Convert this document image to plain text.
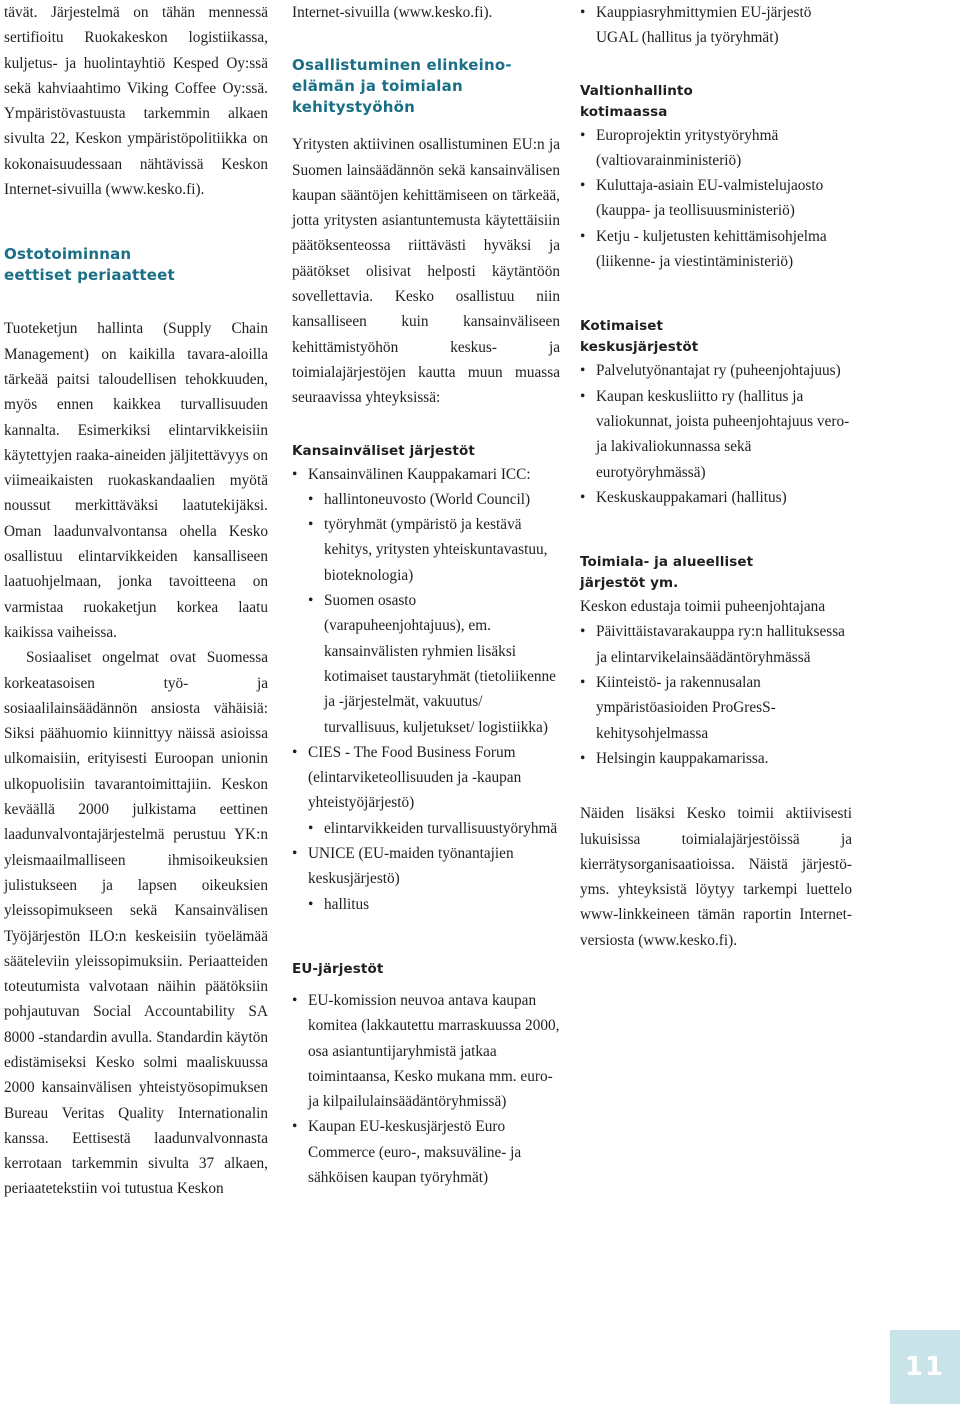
tävät. Järjestelmä on tähän mennessä sertifioitu Ruokakeskon logistiikassa, kuljetus- ja huolintayhtiö Kesped Oy:ssä sekä kahviaahtimo Viking Coffee Oy:ssä. Ympäristövastuusta tarkemmin alkaen sivulta 22, Keskon ympäristöpolitiikka on kokonaisuudessaan nähtävissä Keskon Internet-sivuilla (www.kesko.fi).

Ostotoiminnan
eettiset periaatteet

Tuoteketjun hallinta (Supply Chain Management) on kaikilla tavara-aloilla tärkeää paitsi taloudellisen tehokkuuden, myös ennen kaikkea turvallisuuden kannalta. Esimerkiksi elintarvikkeisiin käytettyjen raaka-aineiden jäljitettävyys on viimeaikaisten ruokaskandaalien myötä noussut merkittäväksi laatutekijäksi. Oman laadunvalvontansa ohella Kesko osallistuu elintarvikkeiden kansalliseen laatuohjelmaan, jonka tavoitteena on varmistaa ruokaketjun korkea laatu kaikissa vaiheissa.

Sosiaaliset ongelmat ovat Suomessa korkeatasoisen työ- ja sosiaalilainsäädännön ansiosta vähäisiä: Siksi päähuomio kiinnittyy näissä asioissa ulkomaisiin, erityisesti Euroopan unionin ulkopuolisiin tavarantoimittajiin. Keskon keväällä 2000 julkistama eettinen laadunvalvontajärjestelmä perustuu YK:n yleismaailmalliseen ihmisoikeuksien julistukseen ja lapsen oikeuksien yleissopimukseen sekä Kansainvälisen Työjärjestön ILO:n keskeisiin työelämää sääteleviin yleissopimuksiin. Periaatteiden toteutumista valvotaan näihin päätöksiin pohjautuvan Social Accountability SA 8000 -standardin avulla. Standardin käytön edistämiseksi Kesko solmi maaliskuussa 2000 kansainvälisen yhteistyösopimuksen Bureau Veritas Quality Internationalin kanssa. Eettisestä laadunvalvonnasta kerrotaan tarkemmin sivulta 37 alkaen, periaatetekstiin voi tutustua Keskon

Internet-sivuilla (www.kesko.fi).

Osallistuminen elinkeino-
elämän ja toimialan
kehitystyöhön

Yritysten aktiivinen osallistuminen EU:n ja Suomen lainsäädännön sekä kansainvälisen kaupan sääntöjen kehittämiseen on tärkeää, jotta yritysten asiantuntemusta käytettäisiin päätöksenteossa riittävästi hyväksi ja päätökset olisivat helposti käytäntöön sovellettavia. Kesko osallistuu niin kansalliseen kuin kansainväliseen kehittämistyöhön keskus- ja toimialajärjestöjen kautta muun muassa seuraavissa yhteyksissä:

Kansainväliset järjestöt
• Kansainvälinen Kauppakamari ICC:
• hallintoneuvosto (World Council)
• työryhmät (ympäristö ja kestävä kehitys, yritysten yhteiskuntavastuu, bioteknologia)
• Suomen osasto (varapuheenjohtajuus), em. kansainvälisten ryhmien lisäksi kotimaiset taustaryhmät (tietoliikenne ja -järjestelmät, vakuutus/ turvallisuus, kuljetukset/ logistiikka)
• CIES - The Food Business Forum (elintarviketeollisuuden ja -kaupan yhteistyöjärjestö)
• elintarvikkeiden turvallisuustyöryhmä
• UNICE (EU-maiden työnantajien keskusjärjestö)
• hallitus
EU-järjestöt
• EU-komission neuvoa antava kaupan komitea (lakkautettu marraskuussa 2000, osa asiantuntijaryhmistä jatkaa toimintaansa, Kesko mukana mm. euro- ja kilpailulainsäädäntöryhmissä)
• Kaupan EU-keskusjärjestö Euro Commerce (euro-, maksuväline- ja sähköisen kaupan työryhmät)
• Kauppiasryhmittymien EU-järjestö UGAL (hallitus ja työryhmät)
Valtionhallinto
kotimaassa
• Europrojektin yritystyöryhmä (valtiovarainministeriö)
• Kuluttaja-asiain EU-valmistelujaosto (kauppa- ja teollisuusministeriö)
• Ketju - kuljetusten kehittämisohjelma (liikenne- ja viestintäministeriö)
Kotimaiset
keskusjärjestöt
• Palvelutyönantajat ry (puheenjohtajuus)
• Kaupan keskusliitto ry (hallitus ja valiokunnat, joista puheenjohtajuus vero- ja lakivaliokunnassa sekä eurotyöryhmässä)
• Keskuskauppakamari (hallitus)
Toimiala- ja alueelliset
järjestöt ym.

Keskon edustaja toimii puheenjohtajana

• Päivittäistavarakauppa ry:n hallituksessa ja elintarvikelainsäädäntöryhmässä
• Kiinteistö- ja rakennusalan ympäristöasioiden ProGresS-kehitysohjelmassa
• Helsingin kauppakamarissa.

Näiden lisäksi Kesko toimii aktiivisesti lukuisissa toimialajärjestöissä ja kierrätysorganisaatioissa. Näistä järjestö- yms. yhteyksistä löytyy tarkempi luettelo www-linkkeineen tämän raportin Internet-versiosta (www.kesko.fi).

11
